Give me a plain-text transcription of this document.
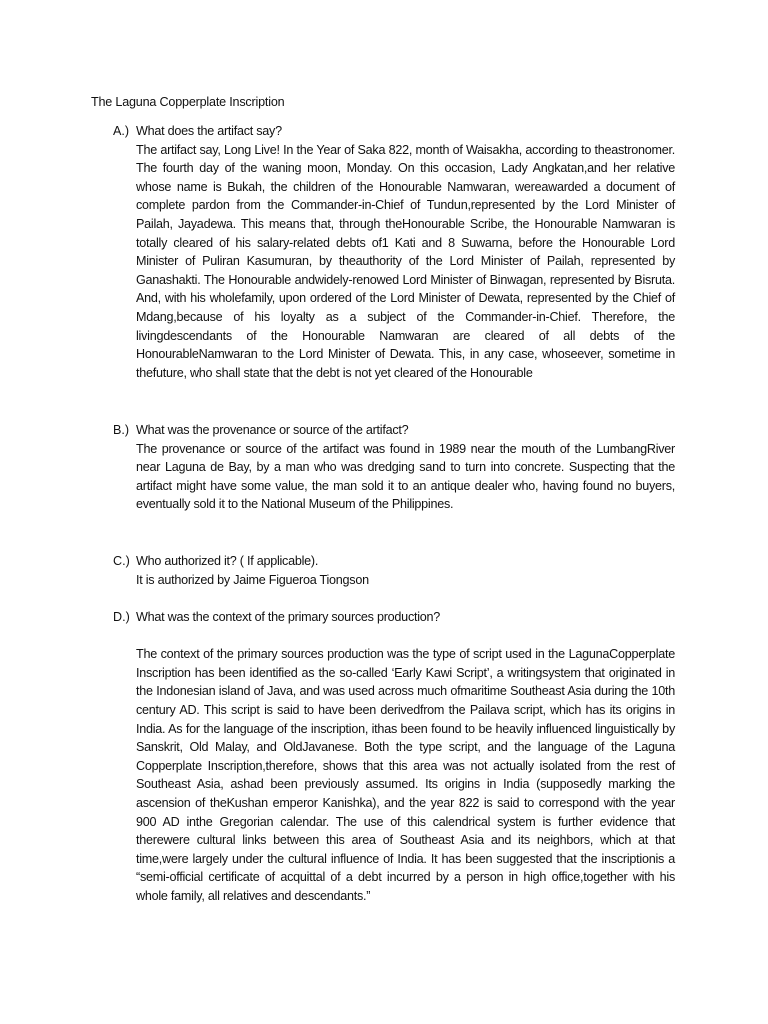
The Laguna Copperplate Inscription
A.) What does the artifact say?
The artifact say, Long Live! In the Year of Saka 822, month of Waisakha, according to theastronomer. The fourth day of the waning moon, Monday. On this occasion, Lady Angkatan,and her relative whose name is Bukah, the children of the Honourable Namwaran, wereawarded a document of complete pardon from the Commander-in-Chief of Tundun,represented by the Lord Minister of Pailah, Jayadewa. This means that, through theHonourable Scribe, the Honourable Namwaran is totally cleared of his salary-related debts of1 Kati and 8 Suwarna, before the Honourable Lord Minister of Puliran Kasumuran, by theauthority of the Lord Minister of Pailah, represented by Ganashakti. The Honourable andwidely-renowed Lord Minister of Binwagan, represented by Bisruta. And, with his wholefamily, upon ordered of the Lord Minister of Dewata, represented by the Chief of Mdang,because of his loyalty as a subject of the Commander-in-Chief. Therefore, the livingdescendants of the Honourable Namwaran are cleared of all debts of the HonourableNamwaran to the Lord Minister of Dewata. This, in any case, whoseever, sometime in thefuture, who shall state that the debt is not yet cleared of the Honourable
B.) What was the provenance or source of the artifact?
The provenance or source of the artifact was found in 1989 near the mouth of the LumbangRiver near Laguna de Bay, by a man who was dredging sand to turn into concrete. Suspecting that the artifact might have some value, the man sold it to an antique dealer who, having found no buyers, eventually sold it to the National Museum of the Philippines.
C.) Who authorized it? ( If applicable).
It is authorized by Jaime Figueroa Tiongson
D.) What was the context of the primary sources production?
The context of the primary sources production was the type of script used in the LagunaCopperplate Inscription has been identified as the so-called ‘Early Kawi Script’, a writingsystem that originated in the Indonesian island of Java, and was used across much ofmaritime Southeast Asia during the 10th century AD. This script is said to have been derivedfrom the Pailava script, which has its origins in India. As for the language of the inscription, ithas been found to be heavily influenced linguistically by Sanskrit, Old Malay, and OldJavanese. Both the type script, and the language of the Laguna Copperplate Inscription,therefore, shows that this area was not actually isolated from the rest of Southeast Asia, ashad been previously assumed. Its origins in India (supposedly marking the ascension of theKushan emperor Kanishka), and the year 822 is said to correspond with the year 900 AD inthe Gregorian calendar. The use of this calendrical system is further evidence that therewere cultural links between this area of Southeast Asia and its neighbors, which at that time,were largely under the cultural influence of India. It has been suggested that the inscriptionis a “semi-official certificate of acquittal of a debt incurred by a person in high office,together with his whole family, all relatives and descendants.”
